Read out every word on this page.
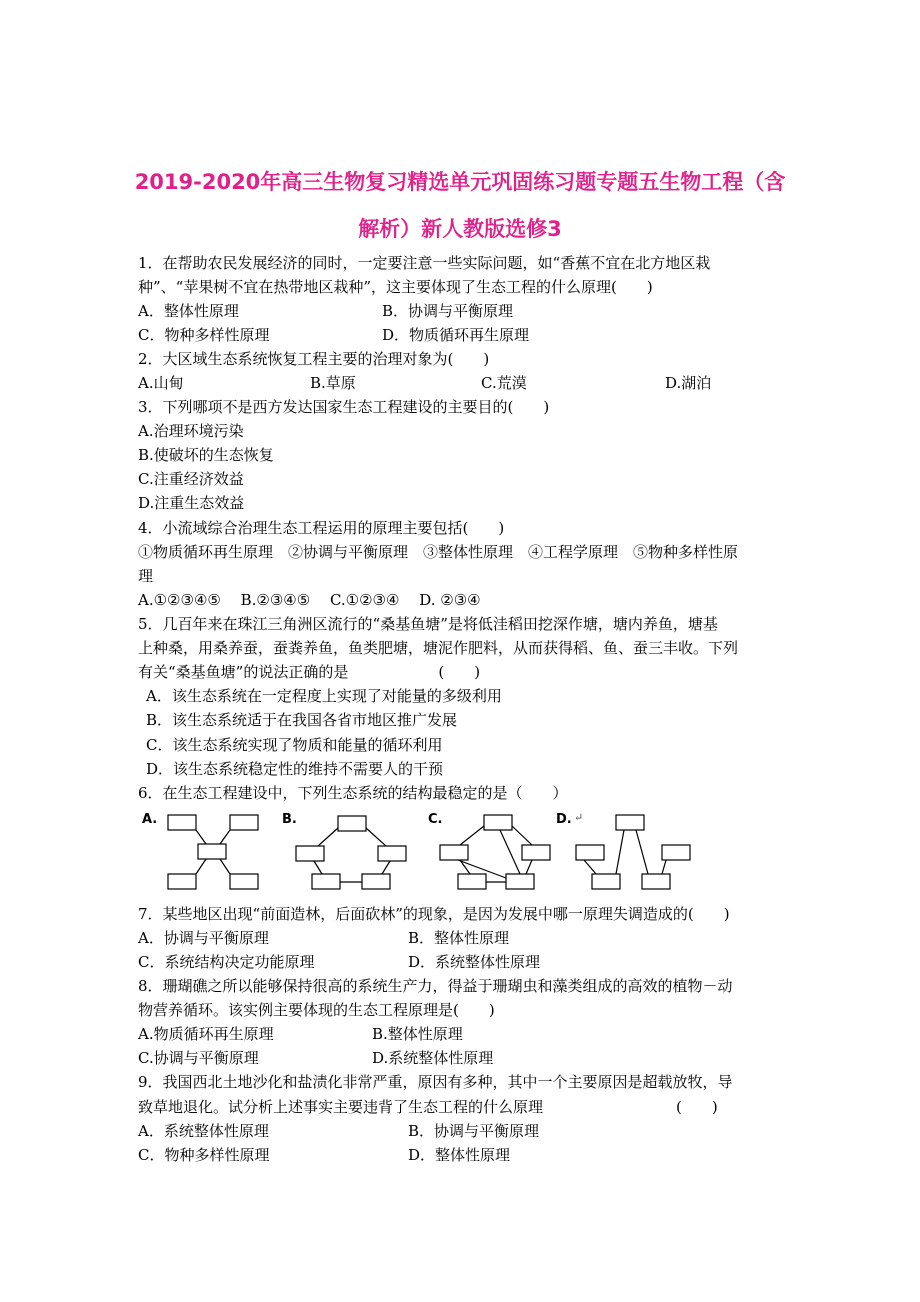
2019-2020年高三生物复习精选单元巩固练习题专题五生物工程（含
解析）新人教版选修3
1．在帮助农民发展经济的同时，一定要注意一些实际问题，如“香蕉不宜在北方地区栽
种”、“苹果树不宜在热带地区栽种”，这主要体现了生态工程的什么原理(　　)
A．整体性原理	B．协调与平衡原理
C．物种多样性原理	D．物质循环再生原理
2．大区域生态系统恢复工程主要的治理对象为(　　)
A.山甸	B.草原	C.荒漠	D.湖泊
3．下列哪项不是西方发达国家生态工程建设的主要目的(　　)
A.治理环境污染
B.使破坏的生态恢复
C.注重经济效益
D.注重生态效益
4．小流域综合治理生态工程运用的原理主要包括(　　)
①物质循环再生原理　②协调与平衡原理　③整体性原理　④工程学原理　⑤物种多样性原
理
A.①②③④⑤　 B.②③④⑤　 C.①②③④　 D. ②③④
5．几百年来在珠江三角洲区流行的“桑基鱼塘”是将低洼稻田挖深作塘，塘内养鱼，塘基
上种桑，用桑养蚕，蚕粪养鱼，鱼类肥塘，塘泥作肥料，从而获得稻、鱼、蚕三丰收。下列
有关“桑基鱼塘”的说法正确的是　　　　　　(　　)
A．该生态系统在一定程度上实现了对能量的多级利用
B．该生态系统适于在我国各省市地区推广发展
C．该生态系统实现了物质和能量的循环利用
D．该生态系统稳定性的维持不需要人的干预
6．在生态工程建设中，下列生态系统的结构最稳定的是（　　）
A.	B.	C.	D. ↵
7．某些地区出现“前面造林，后面砍林”的现象，是因为发展中哪一原理失调造成的(　　)
A．协调与平衡原理	B．整体性原理
C．系统结构决定功能原理	D．系统整体性原理
8．珊瑚礁之所以能够保持很高的系统生产力，得益于珊瑚虫和藻类组成的高效的植物－动
物营养循环。该实例主要体现的生态工程原理是(　　)
A.物质循环再生原理	B.整体性原理
C.协调与平衡原理	D.系统整体性原理
9．我国西北土地沙化和盐渍化非常严重，原因有多种，其中一个主要原因是超载放牧，导
致草地退化。试分析上述事实主要违背了生态工程的什么原理	(　　)
A．系统整体性原理	B．协调与平衡原理
C．物种多样性原理	D．整体性原理
